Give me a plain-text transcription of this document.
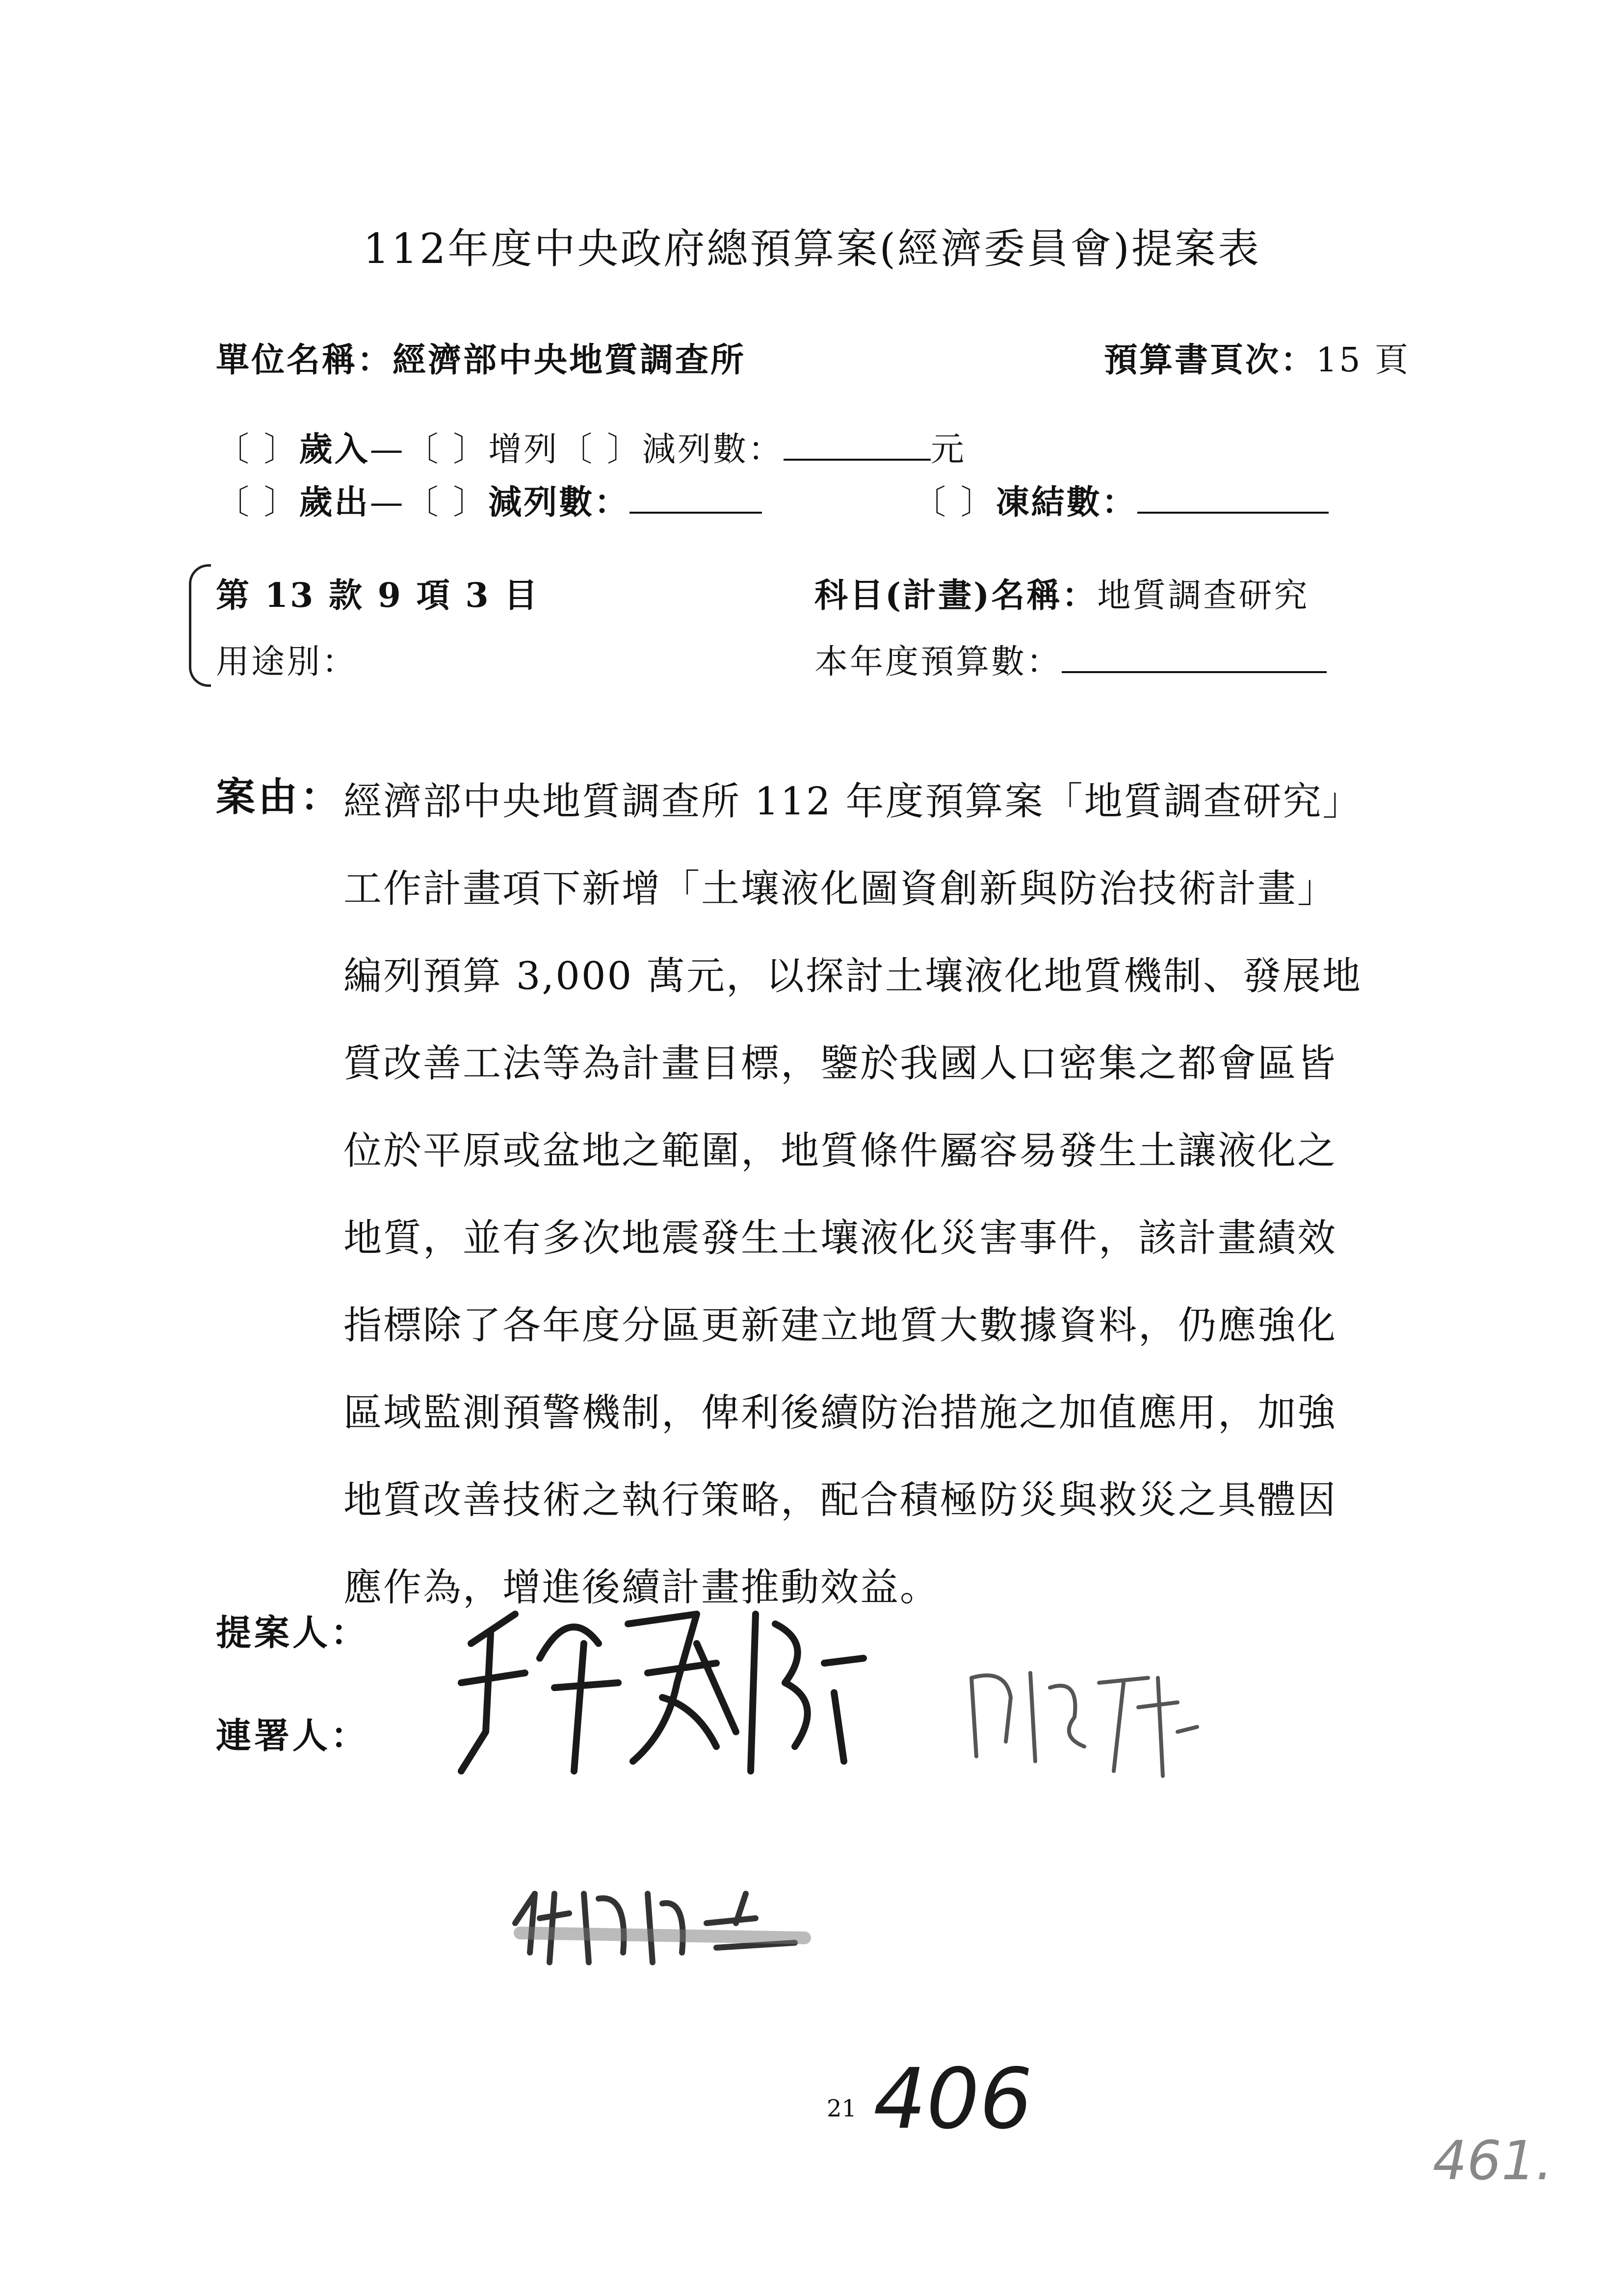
112年度中央政府總預算案(經濟委員會)提案表
單位名稱：經濟部中央地質調查所	預算書頁次：15 頁
〔 〕歲入—〔 〕增列〔 〕減列數：	元
〔 〕歲出—〔 〕減列數：	〔 〕凍結數：
第 13 款 9 項 3 目
用途別：
科目(計畫)名稱：地質調查研究
本年度預算數：
案由： 經濟部中央地質調查所 112 年度預算案「地質調查研究」
工作計畫項下新增「土壤液化圖資創新與防治技術計畫」
編列預算 3,000 萬元，以探討土壤液化地質機制、發展地
質改善工法等為計畫目標，鑒於我國人口密集之都會區皆
位於平原或盆地之範圍，地質條件屬容易發生土讓液化之
地質，並有多次地震發生土壤液化災害事件，該計畫績效
指標除了各年度分區更新建立地質大數據資料，仍應強化
區域監測預警機制，俾利後續防治措施之加值應用，加強
地質改善技術之執行策略，配合積極防災與救災之具體因
應作為，增進後續計畫推動效益。
提案人：
連署人：
21 406
461.
